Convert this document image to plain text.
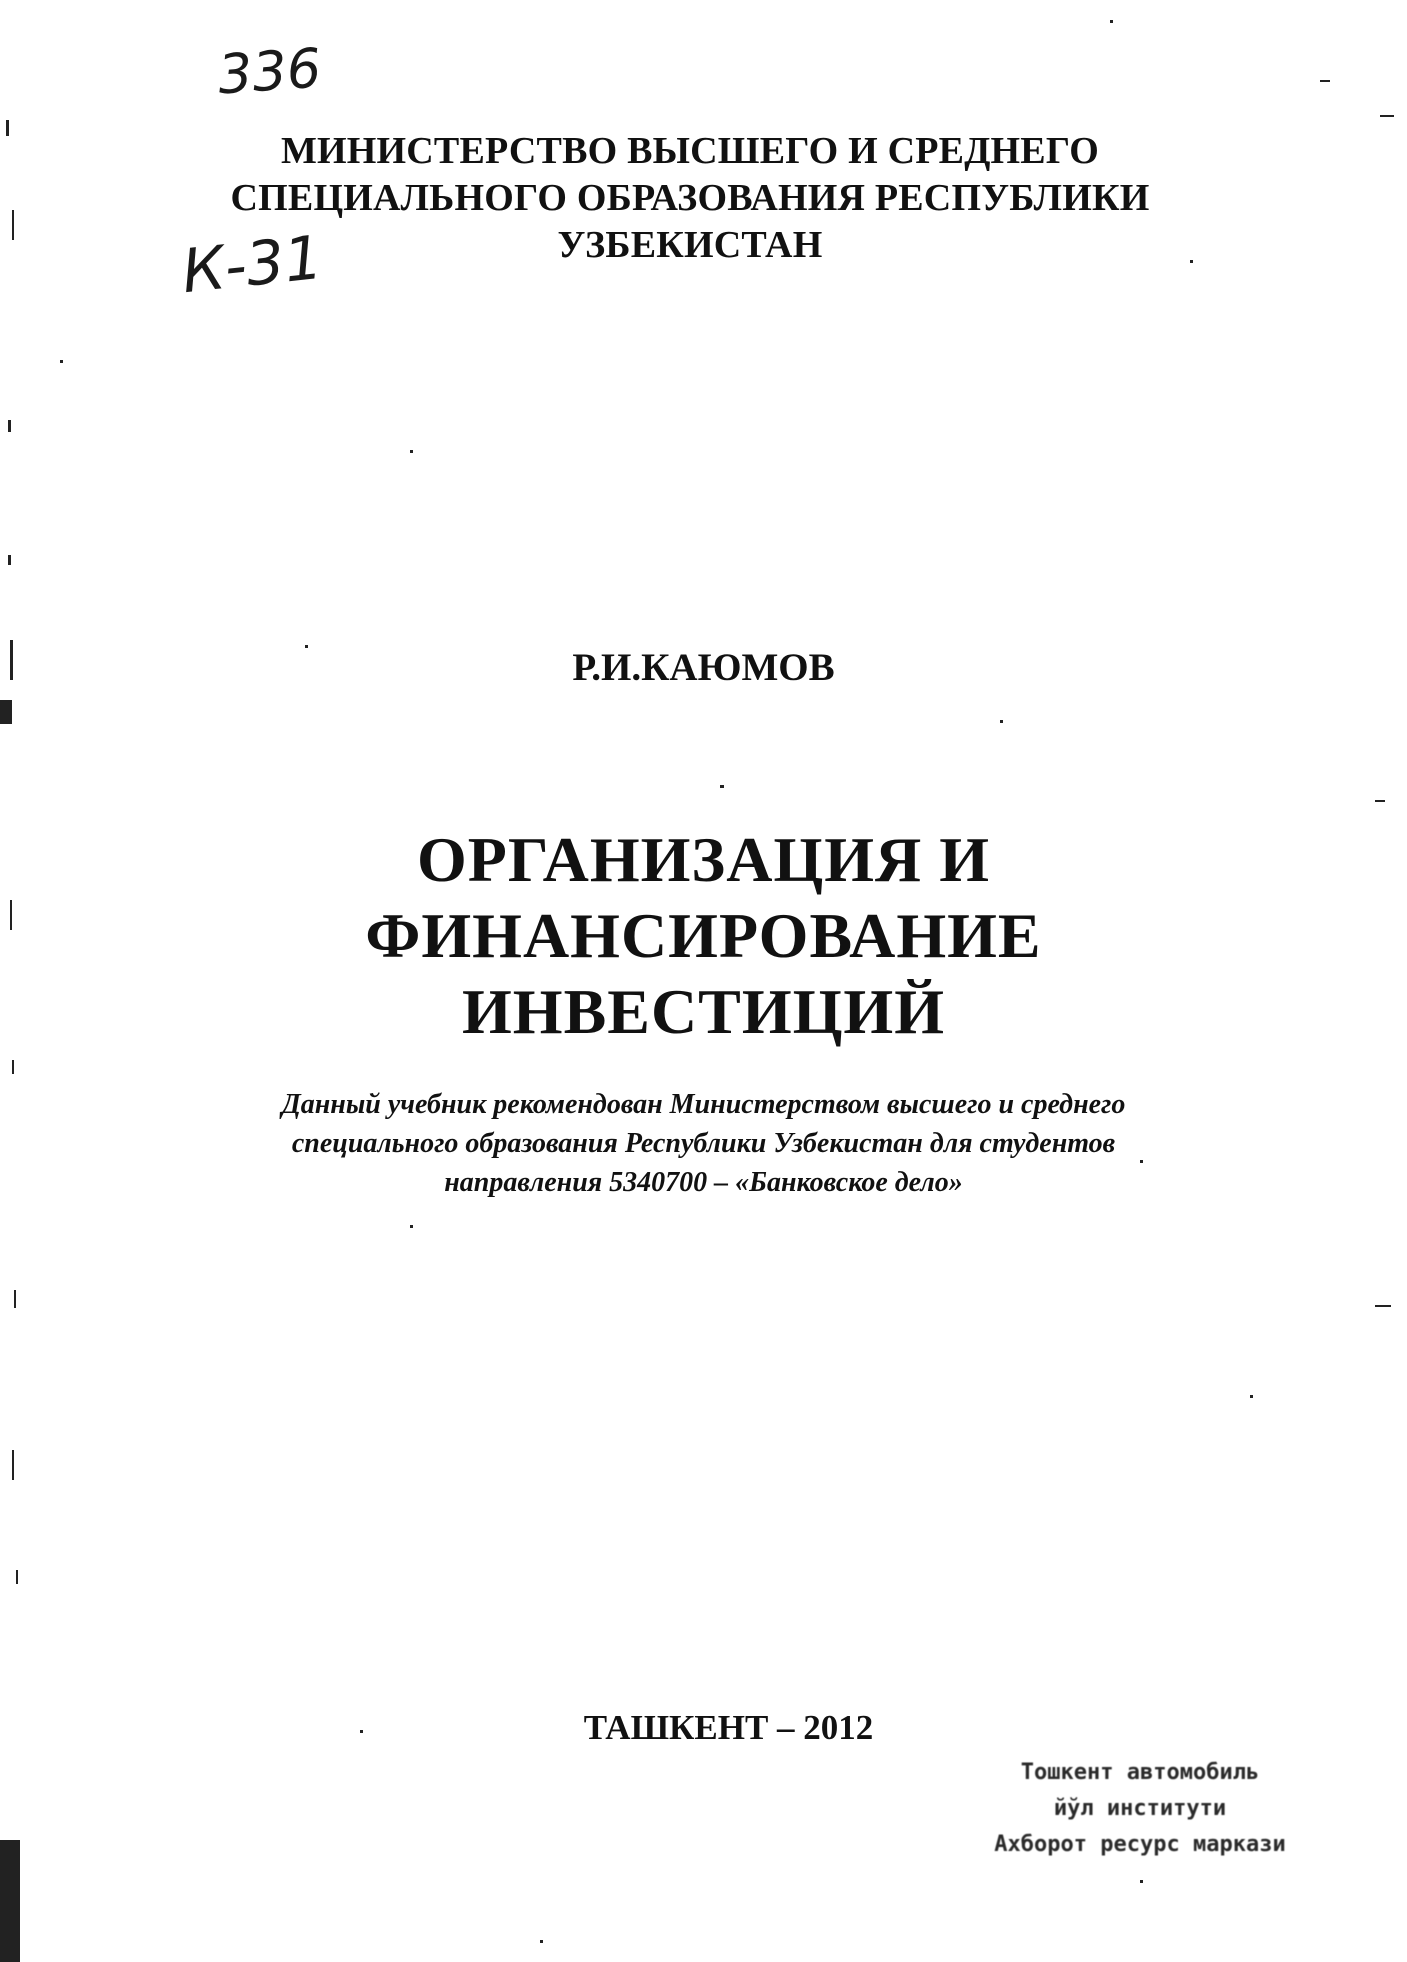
336
К-31
МИНИСТЕРСТВО ВЫСШЕГО И СРЕДНЕГО
СПЕЦИАЛЬНОГО ОБРАЗОВАНИЯ РЕСПУБЛИКИ
УЗБЕКИСТАН
Р.И.КАЮМОВ
ОРГАНИЗАЦИЯ И
ФИНАНСИРОВАНИЕ
ИНВЕСТИЦИЙ
Данный учебник рекомендован Министерством высшего и среднего
специального образования Республики Узбекистан для студентов
направления 5340700 – «Банковское дело»
ТАШКЕНТ – 2012
Тошкент автомобиль
йўл институти
Ахборот ресурс маркази
